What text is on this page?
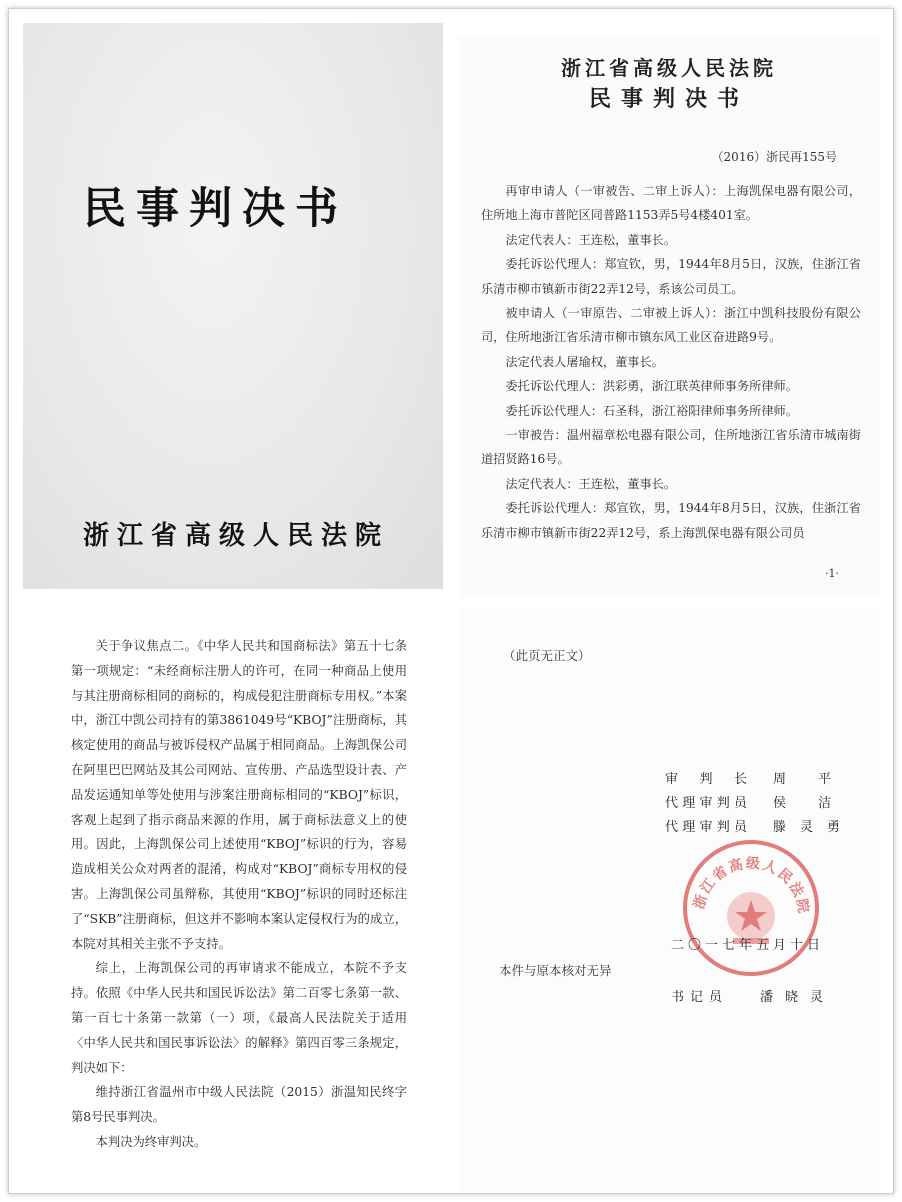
民事判决书
浙江省高级人民法院
浙江省高级人民法院
民事判决书
（2016）浙民再155号

再审申请人（一审被告、二审上诉人）：上海凯保电器有限公司，住所地上海市普陀区同普路1153弄5号4楼401室。

法定代表人：王连松，董事长。

委托诉讼代理人：郑宣钦，男，1944年8月5日，汉族，住浙江省乐清市柳市镇新市街22弄12号，系该公司员工。

被申请人（一审原告、二审被上诉人）：浙江中凯科技股份有限公司，住所地浙江省乐清市柳市镇东风工业区奋进路9号。

法定代表人屠瑜权，董事长。

委托诉讼代理人：洪彩勇，浙江联英律师事务所律师。

委托诉讼代理人：石圣科，浙江裕阳律师事务所律师。

一审被告：温州福章松电器有限公司，住所地浙江省乐清市城南街道招贤路16号。

法定代表人：王连松，董事长。

委托诉讼代理人：郑宣钦，男，1944年8月5日，汉族，住浙江省乐清市柳市镇新市街22弄12号，系上海凯保电器有限公司员

·1·

关于争议焦点二。《中华人民共和国商标法》第五十七条第一项规定：“未经商标注册人的许可，在同一种商品上使用与其注册商标相同的商标的，构成侵犯注册商标专用权。”本案中，浙江中凯公司持有的第3861049号“KBOJ”注册商标，其核定使用的商品与被诉侵权产品属于相同商品。上海凯保公司在阿里巴巴网站及其公司网站、宣传册、产品选型设计表、产品发运通知单等处使用与涉案注册商标相同的“KBOJ”标识，客观上起到了指示商品来源的作用，属于商标法意义上的使用。因此，上海凯保公司上述使用“KBOJ”标识的行为，容易造成相关公众对两者的混淆，构成对“KBOJ”商标专用权的侵害。上海凯保公司虽辩称，其使用“KBOJ”标识的同时还标注了“SKB”注册商标，但这并不影响本案认定侵权行为的成立，本院对其相关主张不予支持。

综上，上海凯保公司的再审请求不能成立，本院不予支持。依照《中华人民共和国民诉讼法》第二百零七条第一款、第一百七十条第一款第（一）项，《最高人民法院关于适用〈中华人民共和国民事诉讼法〉的解释》第四百零三条规定，判决如下：

维持浙江省温州市中级人民法院（2015）浙温知民终字第8号民事判决。

本判决为终审判决。

（此页无正文）
审判长 周 平
代理审判员 侯 洁
代理审判员 滕灵勇
浙江省高级人民法院
二〇一七年五月十日
本件与原本核对无异
书记员 潘晓灵
